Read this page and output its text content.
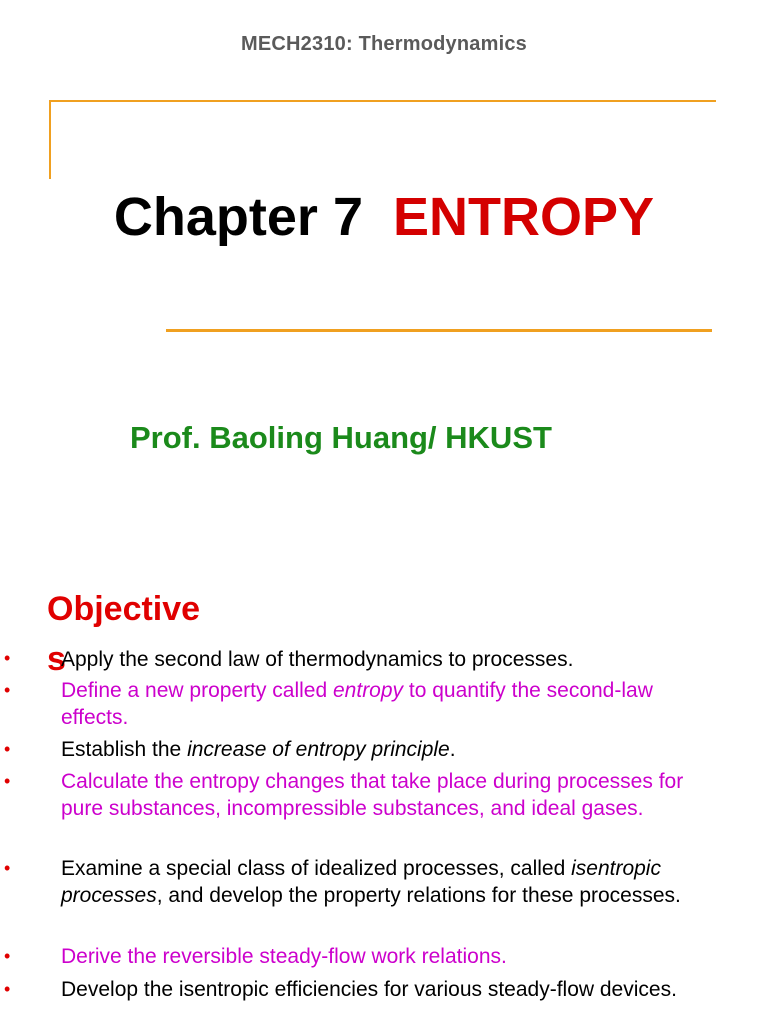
MECH2310: Thermodynamics
Chapter 7 ENTROPY
Prof. Baoling Huang/ HKUST
Objective
s
• Apply the second law of thermodynamics to processes.
• Define a new property called entropy to quantify the second-law effects.
• Establish the increase of entropy principle.
• Calculate the entropy changes that take place during processes for pure substances, incompressible substances, and ideal gases.
• Examine a special class of idealized processes, called isentropic processes, and develop the property relations for these processes.
• Derive the reversible steady-flow work relations.
• Develop the isentropic efficiencies for various steady-flow devices.
